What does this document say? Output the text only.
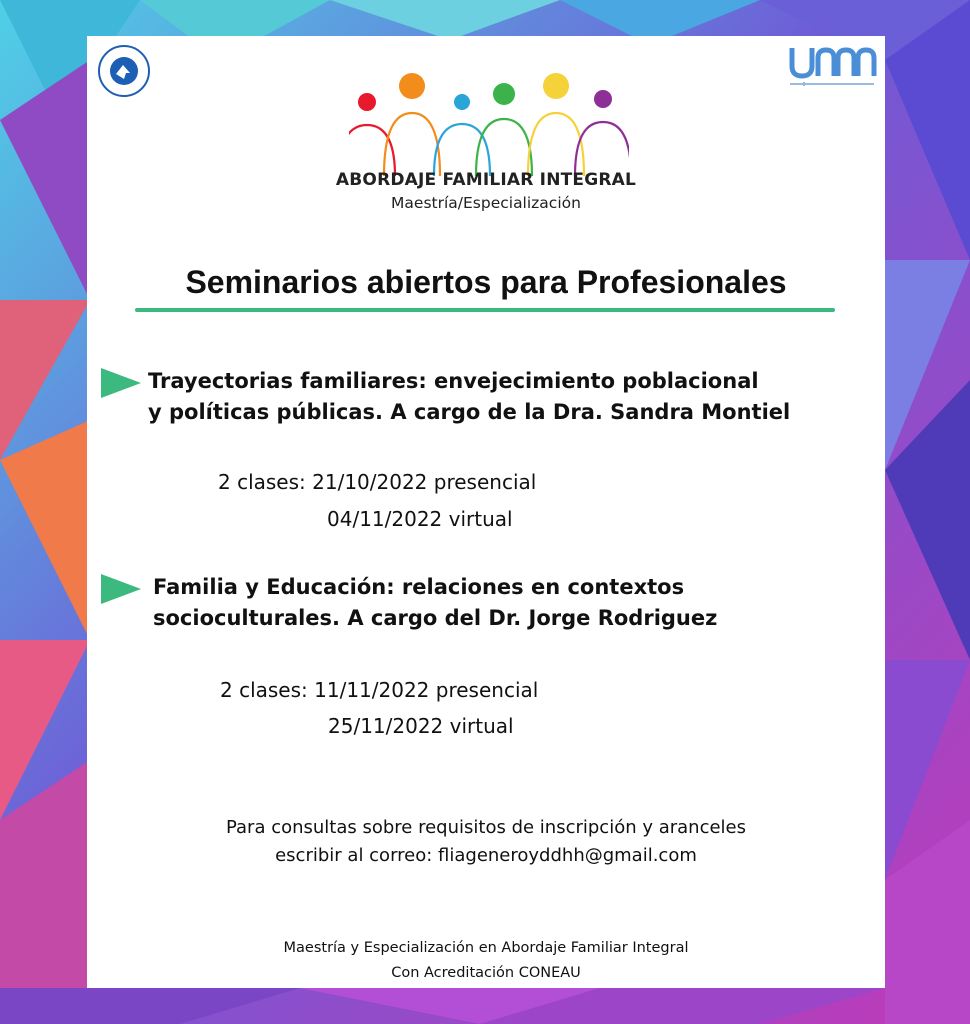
ABORDAJE FAMILIAR INTEGRAL
Maestría/Especialización
Seminarios abiertos para Profesionales
Trayectorias familiares: envejecimiento poblacional
y políticas públicas. A cargo de la Dra. Sandra Montiel
2 clases: 21/10/2022 presencial
04/11/2022 virtual
Familia y Educación: relaciones en contextos
socioculturales. A cargo del Dr. Jorge Rodriguez
2 clases: 11/11/2022 presencial
25/11/2022 virtual
Para consultas sobre requisitos de inscripción y aranceles
escribir al correo: fliageneroyddhh@gmail.com
Maestría y Especialización en Abordaje Familiar Integral
Con Acreditación CONEAU
